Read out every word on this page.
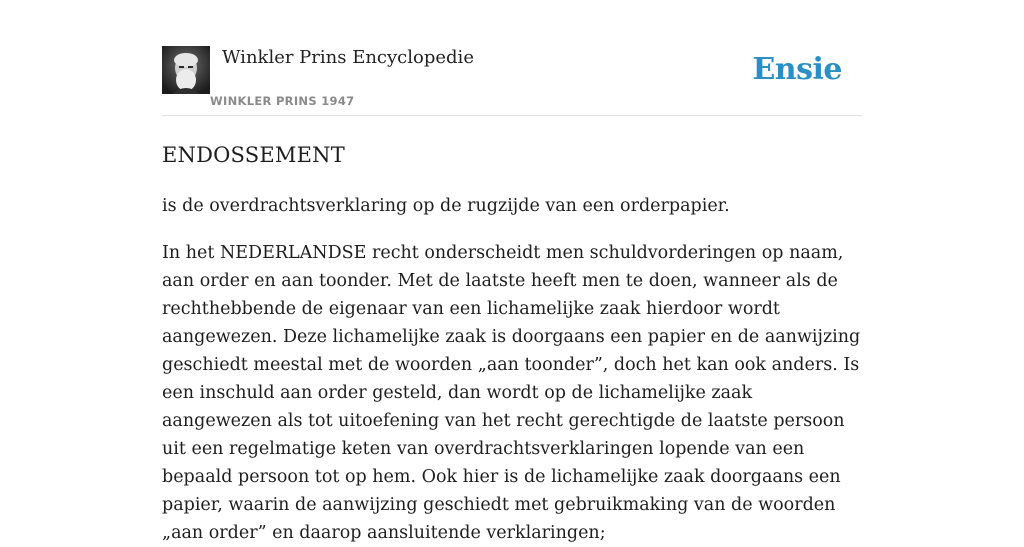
Winkler Prins Encyclopedie
WINKLER PRINS 1947
Ensie
ENDOSSEMENT

is de overdrachtsverklaring op de rugzijde van een orderpapier.

In het NEDERLANDSE recht onderscheidt men schuldvorderingen op naam, aan order en aan toonder. Met de laatste heeft men te doen, wanneer als de rechthebbende de eigenaar van een lichamelijke zaak hierdoor wordt aangewezen. Deze lichamelijke zaak is doorgaans een papier en de aanwijzing geschiedt meestal met de woorden „aan toonder”, doch het kan ook anders. Is een inschuld aan order gesteld, dan wordt op de lichamelijke zaak aangewezen als tot uitoefening van het recht gerechtigde de laatste persoon uit een regelmatige keten van overdrachtsverklaringen lopende van een bepaald persoon tot op hem. Ook hier is de lichamelijke zaak doorgaans een papier, waarin de aanwijzing geschiedt met gebruikmaking van de woorden „aan order” en daarop aansluitende verklaringen;
